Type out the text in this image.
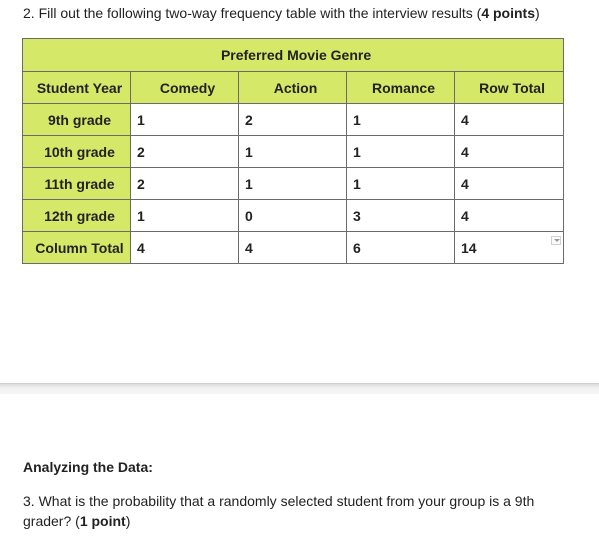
2. Fill out the following two-way frequency table with the interview results (4 points)
Preferred Movie Genre				
Student Year	Comedy	Action	Romance	Row Total
9th grade	1	2	1	4
10th grade	2	1	1	4
11th grade	2	1	1	4
12th grade	1	0	3	4
Column Total	4	4	6	14
Analyzing the Data:
3. What is the probability that a randomly selected student from your group is a 9th grader? (1 point)
